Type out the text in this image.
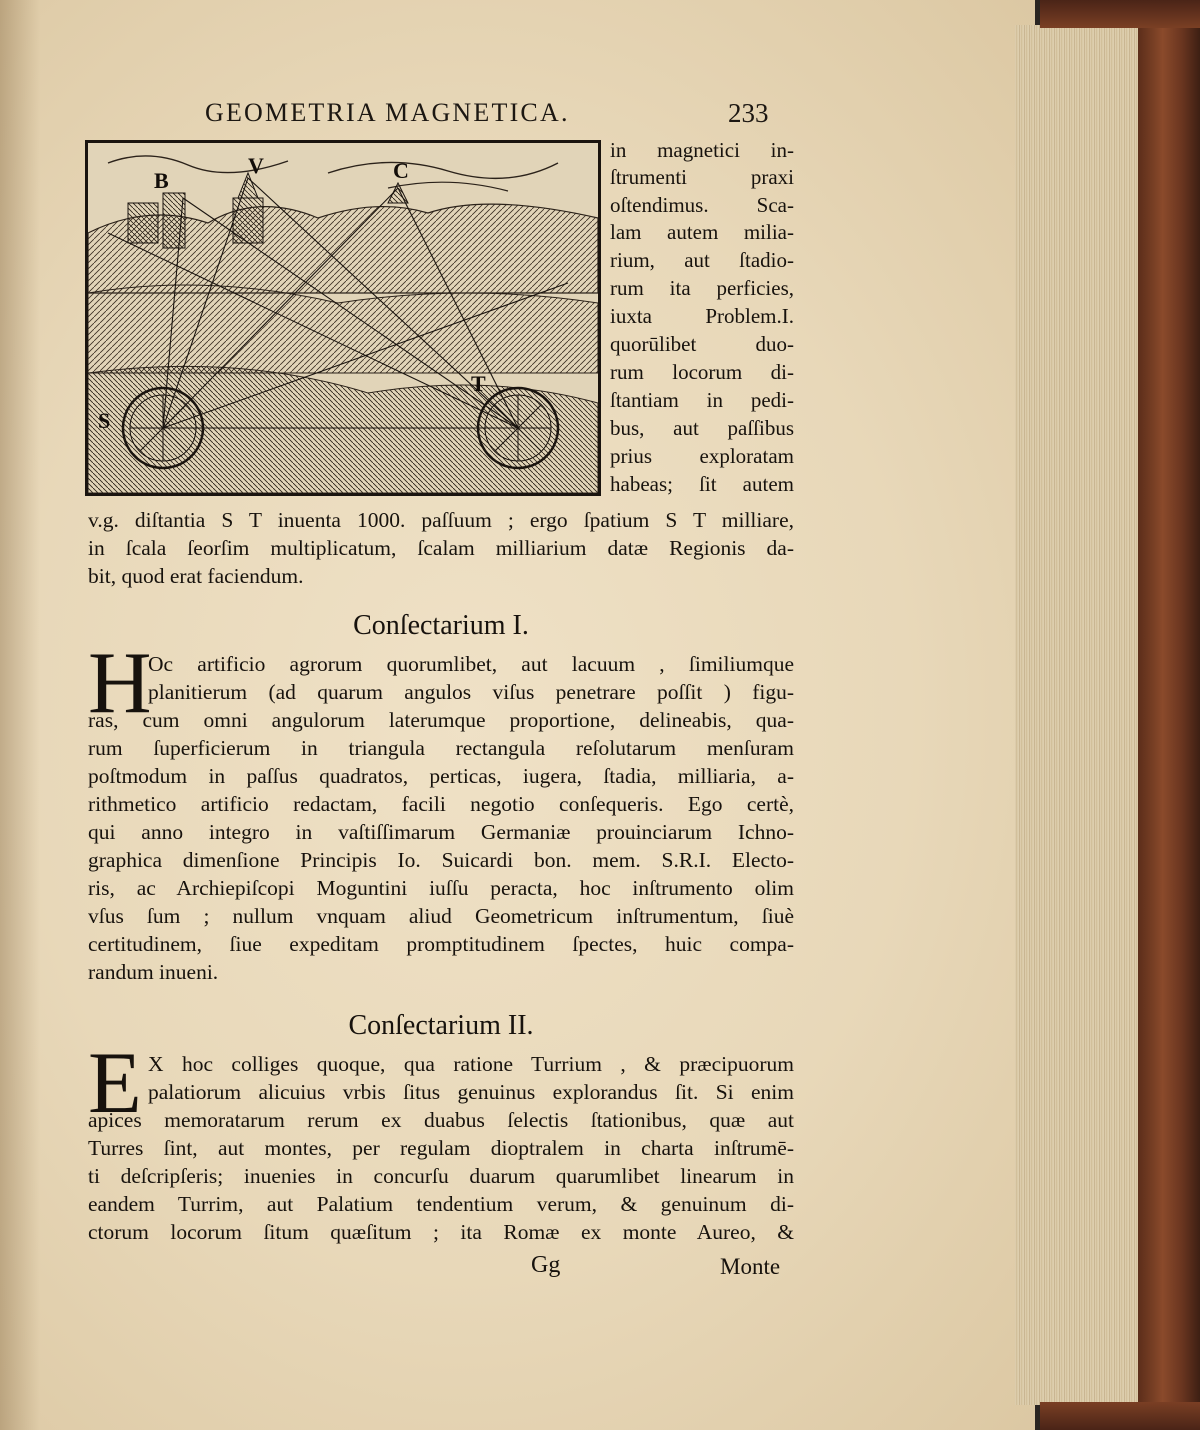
GEOMETRIA MAGNETICA.	233
B
V	C
S
T
in magnetici in-
ſtrumenti praxi
oſtendimus. Sca-
lam autem milia-
rium, aut ſtadio-
rum ita perficies,
iuxta Problem.I.
quorūlibet duo-
rum locorum di-
ſtantiam in pedi-
bus, aut paſſibus
prius exploratam
habeas; ſit autem
v.g. diſtantia S T inuenta 1000. paſſuum ; ergo ſpatium S T milliare,
in ſcala ſeorſim multiplicatum, ſcalam milliarium datæ Regionis da-
bit, quod erat faciendum.
Conſectarium I.
H
Oc artificio agrorum quorumlibet, aut lacuum , ſimiliumque
planitierum (ad quarum angulos viſus penetrare poſſit ) figu-
ras, cum omni angulorum laterumque proportione, delineabis, qua-
rum ſuperficierum in triangula rectangula reſolutarum menſuram
poſtmodum in paſſus quadratos, perticas, iugera, ſtadia, milliaria, a-
rithmetico artificio redactam, facili negotio conſequeris. Ego certè,
qui anno integro in vaſtiſſimarum Germaniæ prouinciarum Ichno-
graphica dimenſione Principis Io. Suicardi bon. mem. S.R.I. Electo-
ris, ac Archiepiſcopi Moguntini iuſſu peracta, hoc inſtrumento olim
vſus ſum ; nullum vnquam aliud Geometricum inſtrumentum, ſiuè
certitudinem, ſiue expeditam promptitudinem ſpectes, huic compa-
randum inueni.
Conſectarium II.
E X hoc colliges quoque, qua ratione Turrium , & præcipuorum
palatiorum alicuius vrbis ſitus genuinus explorandus ſit. Si enim
apices memoratarum rerum ex duabus ſelectis ſtationibus, quæ aut
Turres ſint, aut montes, per regulam dioptralem in charta inſtrumē-
ti deſcripſeris; inuenies in concurſu duarum quarumlibet linearum in
eandem Turrim, aut Palatium tendentium verum, & genuinum di-
ctorum locorum ſitum quæſitum ; ita Romæ ex monte Aureo, &
Gg	Monte
